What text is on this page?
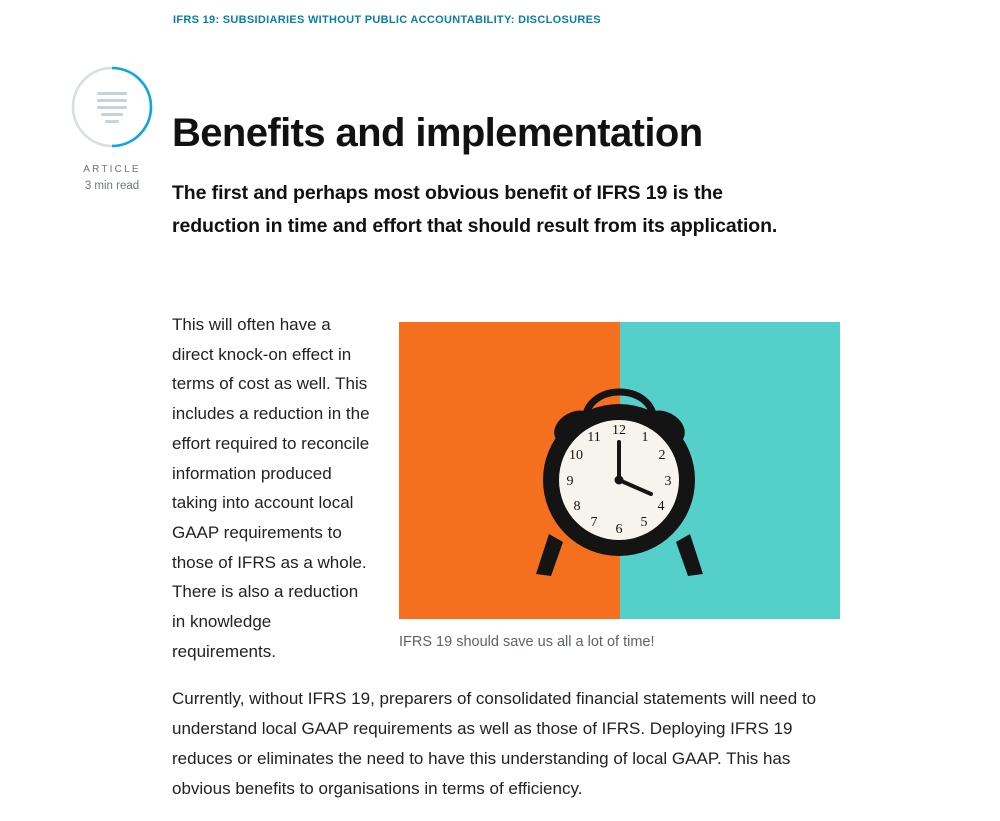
IFRS 19: SUBSIDIARIES WITHOUT PUBLIC ACCOUNTABILITY: DISCLOSURES
ARTICLE
3 min read
Benefits and implementation
The first and perhaps most obvious benefit of IFRS 19 is the reduction in time and effort that should result from its application.
12 1
2
3
4
5
6
7
8
9
10
11
IFRS 19 should save us all a lot of time!

This will often have a direct knock-on effect in terms of cost as well. This includes a reduction in the effort required to reconcile information produced taking into account local GAAP requirements to those of IFRS as a whole. There is also a reduction in knowledge requirements.

Currently, without IFRS 19, preparers of consolidated financial statements will need to understand local GAAP requirements as well as those of IFRS. Deploying IFRS 19 reduces or eliminates the need to have this understanding of local GAAP. This has obvious benefits to organisations in terms of efficiency.
